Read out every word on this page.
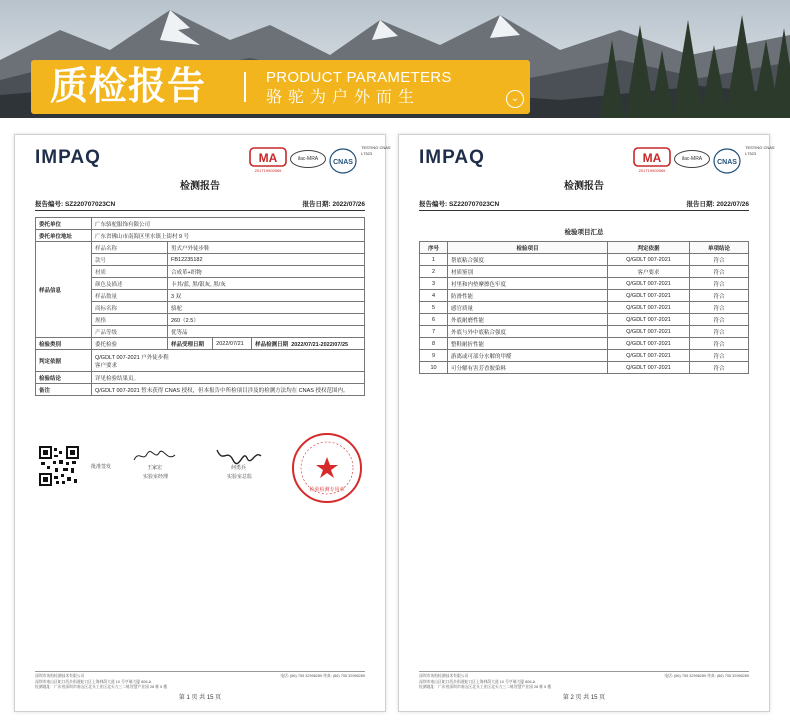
质检报告	PRODUCT PARAMETERS
骆驼为户外而生	⌄
IMPAQ	MA
201719000965
ilac-MRA	CNAS
TESTING CNAS L7523
检测报告
报告编号: SZ220707023CN	报告日期: 2022/07/26
委托单位	广东骆驼服饰有限公司			
委托单位地址	广东省佛山市南海区里水镇上街村 9 号			
样品信息	样品名称	男式户外徒步鞋		
	款号	FB12235182		
	材质	合成革+织物		
	颜色及描述	卡其/蓝, 黑/银灰, 黑/灰		
	样品数量	3 双		
	商标名称	骆驼		
	规格	260（2.5）		
	产品等级	优等品		
检验类别	委托检验	样品受理日期	2022/07/21	样品检测日期 2022/07/21-2022/07/25
判定依据	Q/GDLT 007-2021 户外徒步鞋
客户要求			

检验结论	详见检验结果页。			
备注	Q/GDLT 007-2021 暂未获得 CNAS 授权，但本报告中所检项目涉及的检测方法均在 CNAS 授权范围内。			
批准签发	王家宏
实验室经理
何勇兵
实验室总监
检验检测专用章
深圳市英柏检测技术有限公司
深圳市南山区蛇口西乡街道蛇口区上海林荫大道 10 号亨瑞大厦 806-A
检测地址：广东省深圳市南山区北头工业区北头九三二栋智慧产业园 28 栋 5 楼
电话: (86) 755 32998280 传真: (86) 755 32998289
第 1 页 共 15 页
IMPAQ	MA
201719000965
ilac-MRA	CNAS
TESTING CNAS L7523
检测报告
报告编号: SZ220707023CN	报告日期: 2022/07/26
检验项目汇总
序号	检验项目	判定依据	单项结论
1	帮底粘合强度	Q/GDLT 007-2021	符合
2	材质鉴别	客户要求	符合
3	衬里和内垫摩擦色牢度	Q/GDLT 007-2021	符合
4	防滑性能	Q/GDLT 007-2021	符合
5	感官质量	Q/GDLT 007-2021	符合
6	外底耐磨性能	Q/GDLT 007-2021	符合
7	外底与外中底粘合强度	Q/GDLT 007-2021	符合
8	整鞋耐折性能	Q/GDLT 007-2021	符合
9	游离或可部分水解的甲醛	Q/GDLT 007-2021	符合
10	可分解有害芳香胺染料	Q/GDLT 007-2021	符合
深圳市英柏检测技术有限公司
深圳市南山区蛇口西乡街道蛇口区上海林荫大道 10 号亨瑞大厦 806-A
检测地址：广东省深圳市南山区北头工业区北头九三二栋智慧产业园 28 栋 5 楼
电话: (86) 755 32998280 传真: (86) 755 32998289
第 2 页 共 15 页
